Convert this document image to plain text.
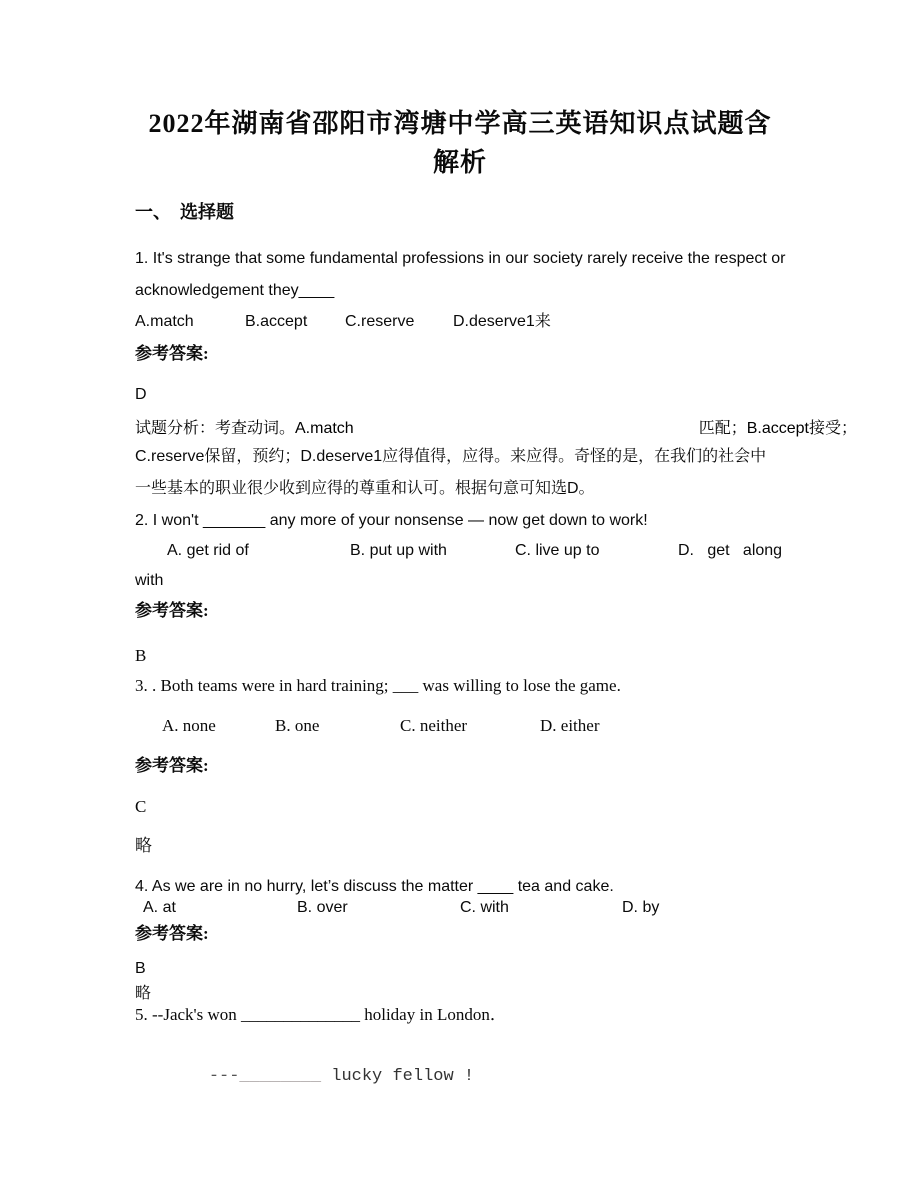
2022年湖南省邵阳市湾塘中学高三英语知识点试题含
解析
一、  选择题
1. It's strange that some fundamental professions in our society rarely receive the respect or
acknowledgement they____
A.match	B.accept C.reserve D.deserve1来
参考答案:
D
试题分析：考查动词。A.match	匹配；B.accept接受；
C.reserve保留，预约；D.deserve1应得值得，应得。来应得。奇怪的是，在我们的社会中
一些基本的职业很少收到应得的尊重和认可。根据句意可知选D。
2. I won't _______ any more of your nonsense — now get down to work!
A. get rid of	B. put up with	C. live up to	D.   get   along
with
参考答案:
B
3. . Both teams were in hard training; ___ was willing to lose the game.
A. none	B. one	C. neither	D. either
参考答案:
C
略
4. As we are in no hurry, let’s discuss the matter ____ tea and cake.
A. at	B. over	C. with	D. by
参考答案:
B
略
5. --Jack's won ______________ holiday in London．

---________ lucky fellow !
